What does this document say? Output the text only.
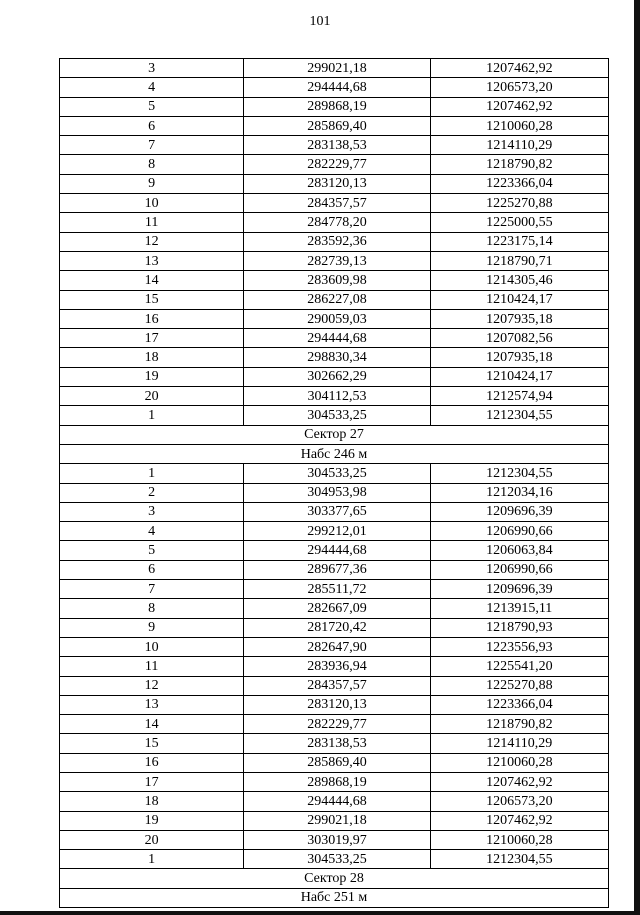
101
3	299021,18	1207462,92
4	294444,68	1206573,20
5	289868,19	1207462,92
6	285869,40	1210060,28
7	283138,53	1214110,29
8	282229,77	1218790,82
9	283120,13	1223366,04
10	284357,57	1225270,88
11	284778,20	1225000,55
12	283592,36	1223175,14
13	282739,13	1218790,71
14	283609,98	1214305,46
15	286227,08	1210424,17
16	290059,03	1207935,18
17	294444,68	1207082,56
18	298830,34	1207935,18
19	302662,29	1210424,17
20	304112,53	1212574,94
1	304533,25	1212304,55
Сектор 27		
Набс 246 м		
1	304533,25	1212304,55
2	304953,98	1212034,16
3	303377,65	1209696,39
4	299212,01	1206990,66
5	294444,68	1206063,84
6	289677,36	1206990,66
7	285511,72	1209696,39
8	282667,09	1213915,11
9	281720,42	1218790,93
10	282647,90	1223556,93
11	283936,94	1225541,20
12	284357,57	1225270,88
13	283120,13	1223366,04
14	282229,77	1218790,82
15	283138,53	1214110,29
16	285869,40	1210060,28
17	289868,19	1207462,92
18	294444,68	1206573,20
19	299021,18	1207462,92
20	303019,97	1210060,28
1	304533,25	1212304,55
Сектор 28		
Набс 251 м		
